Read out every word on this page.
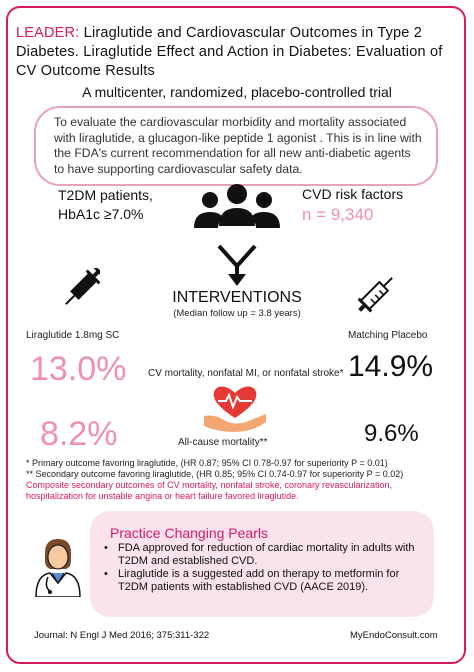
LEADER: Liraglutide and Cardiovascular Outcomes in Type 2 Diabetes. Liraglutide Effect and Action in Diabetes: Evaluation of CV Outcome Results
A multicenter, randomized, placebo-controlled trial
To evaluate the cardiovascular morbidity and mortality associated with liraglutide, a glucagon-like peptide 1 agonist . This is in line with the FDA's current recommendation for all new anti-diabetic agents to have supporting cardiovascular safety data.
T2DM patients,
HbA1c ≥7.0%
CVD risk factors
n = 9,340
INTERVENTIONS
(Median follow up = 3.8 years)
Liraglutide 1.8mg SC	Matching Placebo
13.0% CV mortality, nonfatal MI, or nonfatal stroke* 14.9%
8.2%	All-cause mortality**	9.6%
* Primary outcome favoring liraglutide, (HR 0.87; 95% CI 0.78-0.97 for superiority P = 0.01)
** Secondary outcome favoring liraglutide, (HR 0.85; 95% CI 0.74-0.97 for superiority P = 0.02)
Composite secondary outcomes of CV mortality, nonfatal stroke, coronary revascularization, hospitalization for unstable angina or heart failure favored liraglutide.
Practice Changing Pearls
• FDA approved for reduction of cardiac mortality in adults with T2DM and established CVD.
• Liraglutide is a suggested add on therapy to metformin for T2DM patients with established CVD (AACE 2019).
Journal: N Engl J Med 2016; 375:311-322	MyEndoConsult.com
